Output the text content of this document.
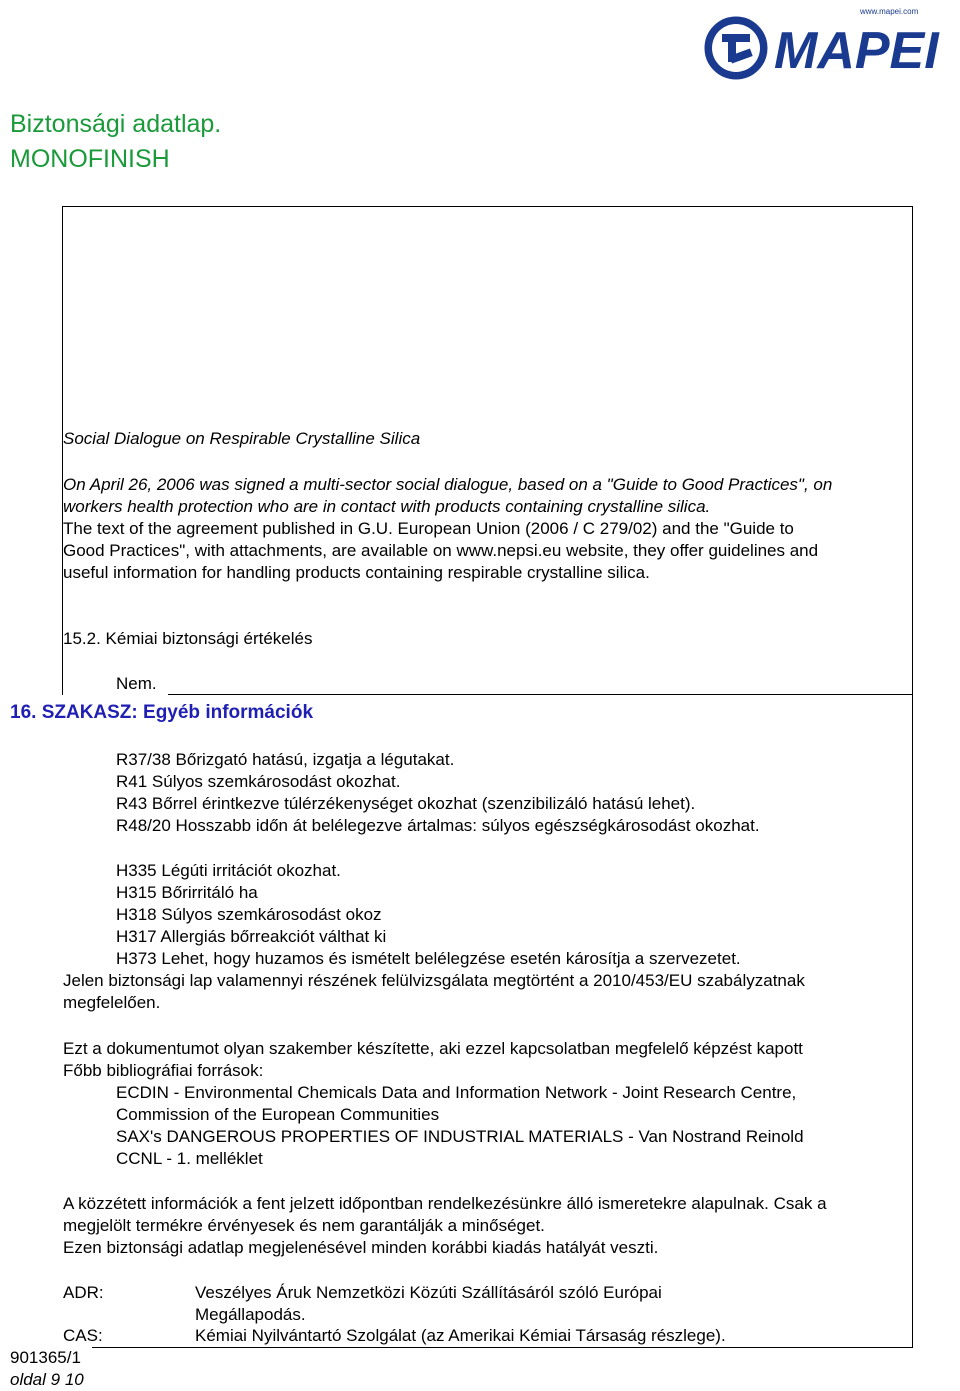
www.mapei.com
MAPEI
Biztonsági adatlap.
MONOFINISH
Social Dialogue on Respirable Crystalline Silica
On April 26, 2006 was signed a multi-sector social dialogue, based on a "Guide to Good Practices", on
workers health protection who are in contact with products containing crystalline silica.
The text of the agreement published in G.U. European Union (2006 / C 279/02) and the "Guide to
Good Practices", with attachments, are available on www.nepsi.eu website, they offer guidelines and
useful information for handling products containing respirable crystalline silica.
15.2. Kémiai biztonsági értékelés
Nem.
16. SZAKASZ: Egyéb információk
R37/38 Bőrizgató hatású, izgatja a légutakat.
R41 Súlyos szemkárosodást okozhat.
R43 Bőrrel érintkezve túlérzékenységet okozhat (szenzibilizáló hatású lehet).
R48/20 Hosszabb időn át belélegezve ártalmas: súlyos egészségkárosodást okozhat.
H335 Légúti irritációt okozhat.
H315 Bőrirritáló ha
H318 Súlyos szemkárosodást okoz
H317 Allergiás bőrreakciót válthat ki
H373 Lehet, hogy huzamos és ismételt belélegzése esetén károsítja a szervezetet.
Jelen biztonsági lap valamennyi részének felülvizsgálata megtörtént a 2010/453/EU szabályzatnak
megfelelően.
Ezt a dokumentumot olyan szakember készítette, aki ezzel kapcsolatban megfelelő képzést kapott
Főbb bibliográfiai források:
ECDIN - Environmental Chemicals Data and Information Network - Joint Research Centre,
Commission of the European Communities
SAX's DANGEROUS PROPERTIES OF INDUSTRIAL MATERIALS - Van Nostrand Reinold
CCNL - 1. melléklet
A közzétett információk a fent jelzett időpontban rendelkezésünkre álló ismeretekre alapulnak. Csak a
megjelölt termékre érvényesek és nem garantálják a minőséget.
Ezen biztonsági adatlap megjelenésével minden korábbi kiadás hatályát veszti.
ADR:	Veszélyes Áruk Nemzetközi Közúti Szállításáról szóló Európai
Megállapodás.
CAS:	Kémiai Nyilvántartó Szolgálat (az Amerikai Kémiai Társaság részlege).
901365/1
oldal 9 10
